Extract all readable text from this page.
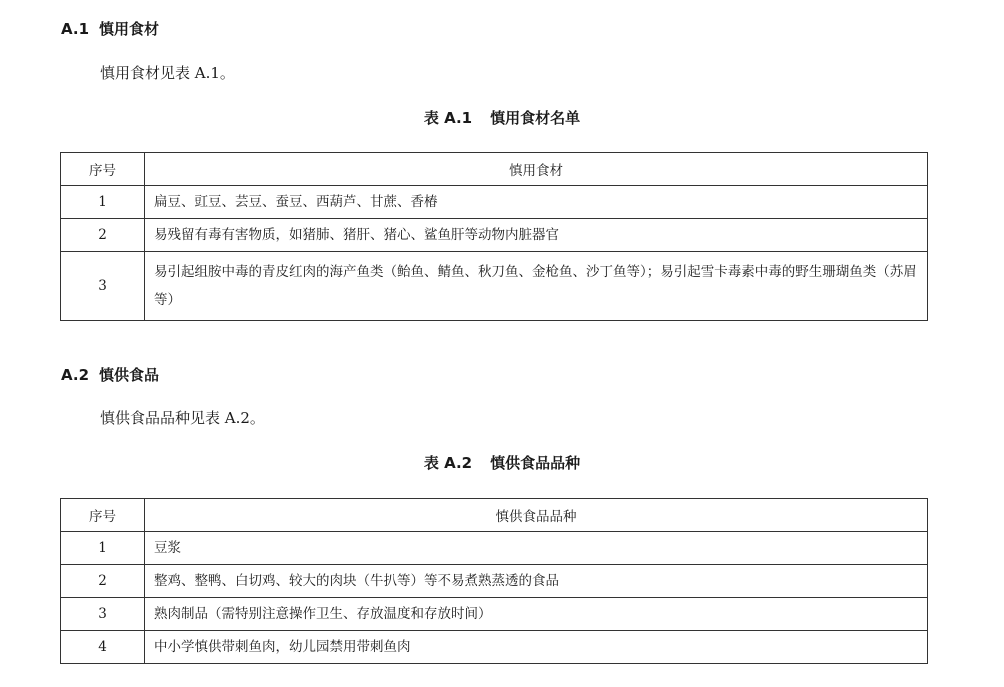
A.1 慎用食材
慎用食材见表 A.1。
表 A.1 慎用食材名单
序号	慎用食材
1	扁豆、豇豆、芸豆、蚕豆、西葫芦、甘蔗、香椿
2	易残留有毒有害物质，如猪肺、猪肝、猪心、鲨鱼肝等动物内脏器官
3	易引起组胺中毒的青皮红肉的海产鱼类（鲐鱼、鲭鱼、秋刀鱼、金枪鱼、沙丁鱼等）；易引起雪卡毒素中毒的野生珊瑚鱼类（苏眉等）
A.2 慎供食品
慎供食品品种见表 A.2。
表 A.2 慎供食品品种
序号	慎供食品品种
1	豆浆
2	整鸡、整鸭、白切鸡、较大的肉块（牛扒等）等不易煮熟蒸透的食品
3	熟肉制品（需特别注意操作卫生、存放温度和存放时间）
4	中小学慎供带刺鱼肉，幼儿园禁用带刺鱼肉
